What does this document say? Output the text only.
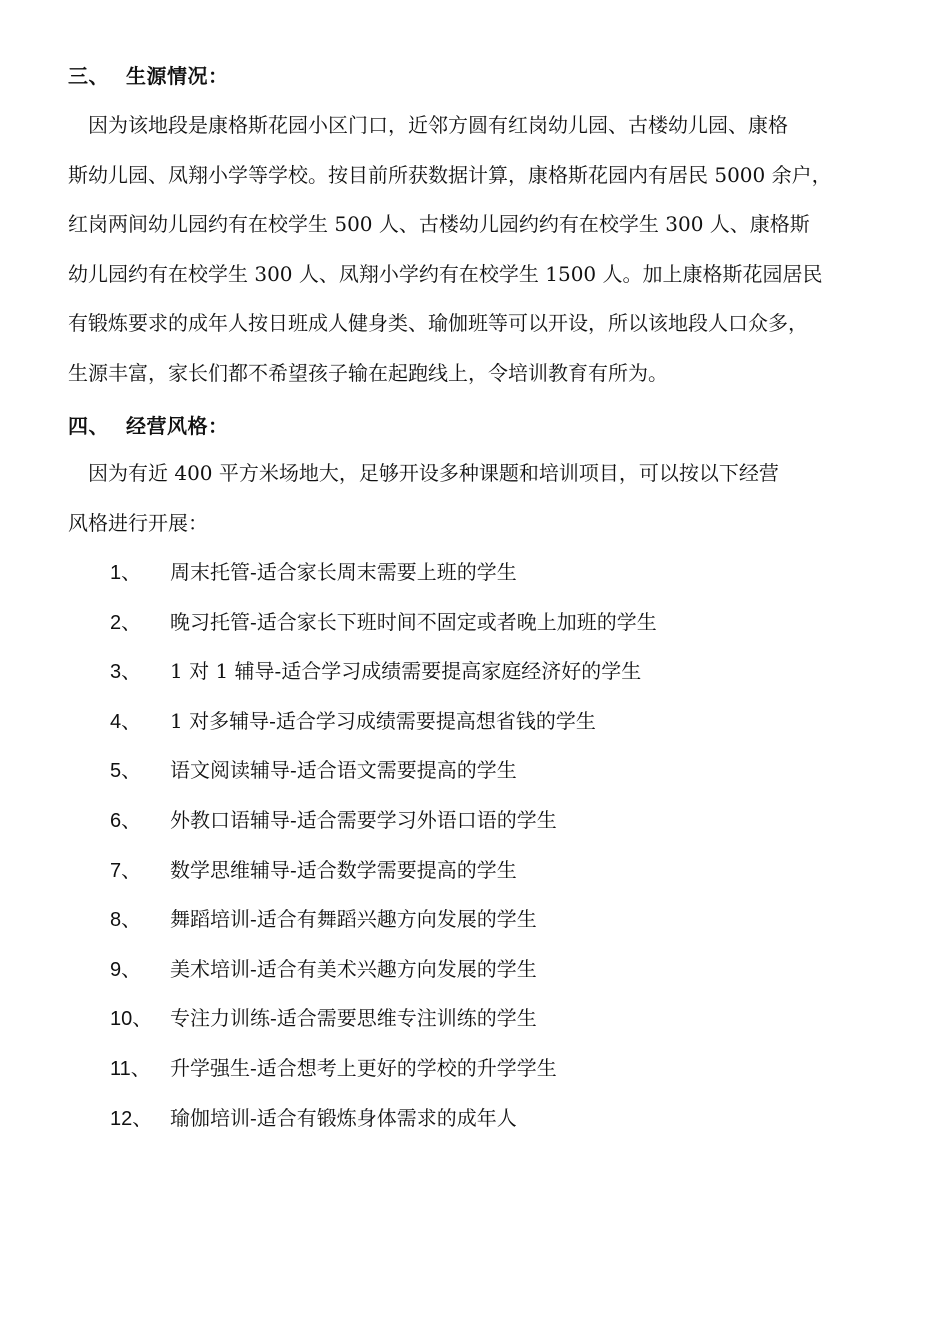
三、 生源情况：
　因为该地段是康格斯花园小区门口，近邻方圆有红岗幼儿园、古楼幼儿园、康格
斯幼儿园、凤翔小学等学校。按目前所获数据计算，康格斯花园内有居民 5000 余户，
红岗两间幼儿园约有在校学生 500 人、古楼幼儿园约约有在校学生 300 人、康格斯
幼儿园约有在校学生 300 人、凤翔小学约有在校学生 1500 人。加上康格斯花园居民
有锻炼要求的成年人按日班成人健身类、瑜伽班等可以开设，所以该地段人口众多，
生源丰富，家长们都不希望孩子输在起跑线上，令培训教育有所为。
四、 经营风格：
　因为有近 400 平方米场地大，足够开设多种课题和培训项目，可以按以下经营
风格进行开展：
1、 周末托管-适合家长周末需要上班的学生
2、 晚习托管-适合家长下班时间不固定或者晚上加班的学生
3、 1 对 1 辅导-适合学习成绩需要提高家庭经济好的学生
4、 1 对多辅导-适合学习成绩需要提高想省钱的学生
5、 语文阅读辅导-适合语文需要提高的学生
6、 外教口语辅导-适合需要学习外语口语的学生
7、 数学思维辅导-适合数学需要提高的学生
8、 舞蹈培训-适合有舞蹈兴趣方向发展的学生
9、 美术培训-适合有美术兴趣方向发展的学生
10、 专注力训练-适合需要思维专注训练的学生
11、 升学强生-适合想考上更好的学校的升学学生
12、 瑜伽培训-适合有锻炼身体需求的成年人
